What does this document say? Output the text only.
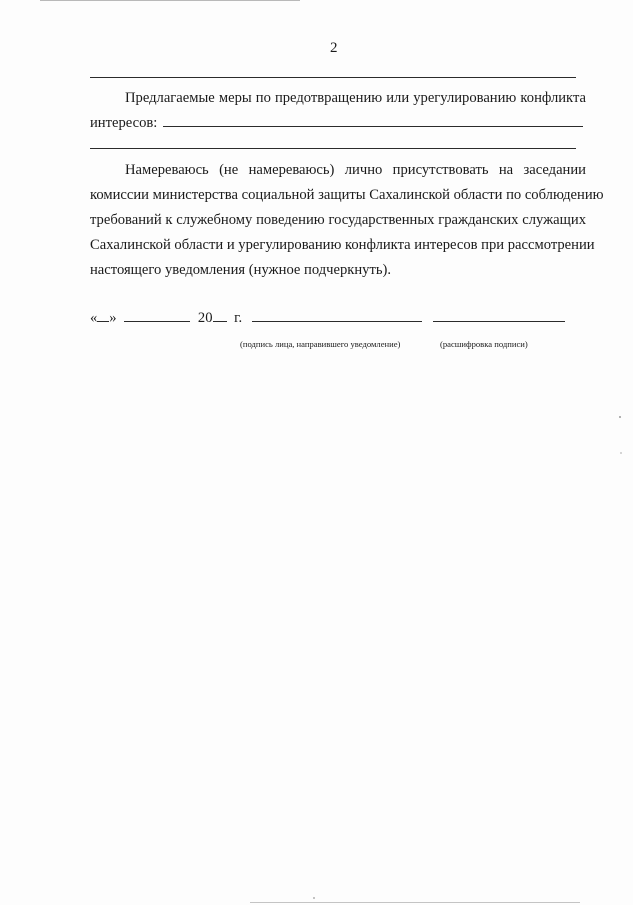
2
Предлагаемые меры по предотвращению или урегулированию конфликта
интересов:
Намереваюсь (не намереваюсь) лично присутствовать на заседании
комиссии министерства социальной защиты Сахалинской области по соблюдению
требований к служебному поведению государственных гражданских служащих
Сахалинской области и урегулированию конфликта интересов при рассмотрении
настоящего уведомления (нужное подчеркнуть).
« »	20 г.
(подпись лица, направившего уведомление)	(расшифровка подписи)
